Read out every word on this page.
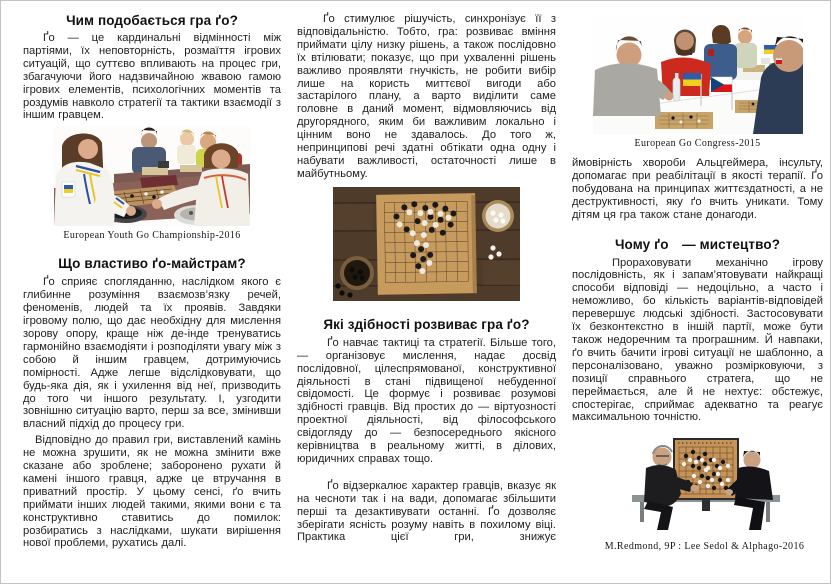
Чим подобається гра ґо?

Ґо — це кардинальні відмінності між партіями, їх неповторність, розмаїття ігрових ситуацій, що суттєво впливають на процес гри, збагачуючи його надзвичайною жвавою гамою ігрових елементів, психологічних моментів та роздумів навколо стратегії та тактики взаємодії з іншим гравцем.

European Youth Go Championship-2016
Що властиво ґо-майстрам?

Ґо сприяє спогляданню, наслідком якого є глибинне розуміння взаємозв’язку речей, феноменів, людей та їх проявів. Завдяки ігровому полю, що дає необхідну для мислення зорову опору, краще ніж де-інде тренуватись гармонійно взаємодіяти і розподіляти увагу між з собою й іншим гравцем, дотримуючись помірності. Адже легше відслідковувати, що будь-яка дія, як і ухилення від неї, призводить до того чи іншого результату. І, узгодити зовнішню ситуацію варто, перш за все, змінивши власний підхід до процесу гри.

Відповідно до правил гри, виставлений камінь не можна зрушити, як не можна змінити вже сказане або зроблене; заборонено рухати й камені іншого гравця, адже це втручання в приватний простір. У цьому сенсі, ґо вчить приймати інших людей такими, якими вони є та конструктивно ставитись до помилок: розбиратись з наслідками, шукати вирішення нової проблеми, рухатись далі.

Ґо стимулює рішучість, синхронізує її з відповідальністю. Тобто, гра: розвиває вміння приймати цілу низку рішень, а також послідовно їх втілювати; показує, що при ухваленні рішень важливо проявляти гнучкість, не робити вибір лише на користь миттєвої вигоди або застарілого плану, а варто виділити саме головне в даний момент, відмовляючись від другорядного, яким би важливим локально і цінним воно не здавалось. До того ж, непринципові речі здатні обтікати одна одну і набувати важливості, остаточності лише в майбутньому.

Які здібності розвиває гра ґо?

Ґо навчає тактиці та стратегії. Більше того, — організовує мислення, надає досвід послідовної, цілеспрямованої, конструктивної діяльності в стані підвищеної небуденної свідомості. Це формує і розвиває розумові здібності гравців. Від простих до — віртуозності проектної діяльності, від філософського свідогляду до — безпосереднього якісного керівництва в реальному житті, в ділових, юридичних справах тощо.

Ґо відзеркалює характер гравців, вказує як на чесноти так і на вади, допомагає збільшити перші та дезактивувати останні. Ґо дозволяє зберігати ясність розуму навіть в похилому віці. Практика цієї гри, знижує

European Go Congress-2015

ймовірність хвороби Альцгеймера, інсульту, допомагає при реабілітації в якості терапії. Ґо побудована на принципах життєздатності, а не деструктивності, яку ґо вчить уникати. Тому дітям ця гра також стане донагоди.

Чому ґо — мистецтво?

Прораховувати механічно ігрову послідовність, як і запам’ятовувати найкращі способи відповіді — недоцільно, а часто і неможливо, бо кількість варіантів-відповідей перевершує людські здібності. Застосовувати їх безконтекстно в іншій партії, може бути також недоречним та програшним. Й навпаки, ґо вчить бачити ігрові ситуації не шаблонно, а персоналізовано, уважно розмірковуючи, з позиції справнього стратега, що не переймається, але й не нехтує: обстежує, спостерігає, сприймає адекватно та реагує максимальною точністю.

M.Redmond, 9P : Lee Sedol & Alphago-2016
